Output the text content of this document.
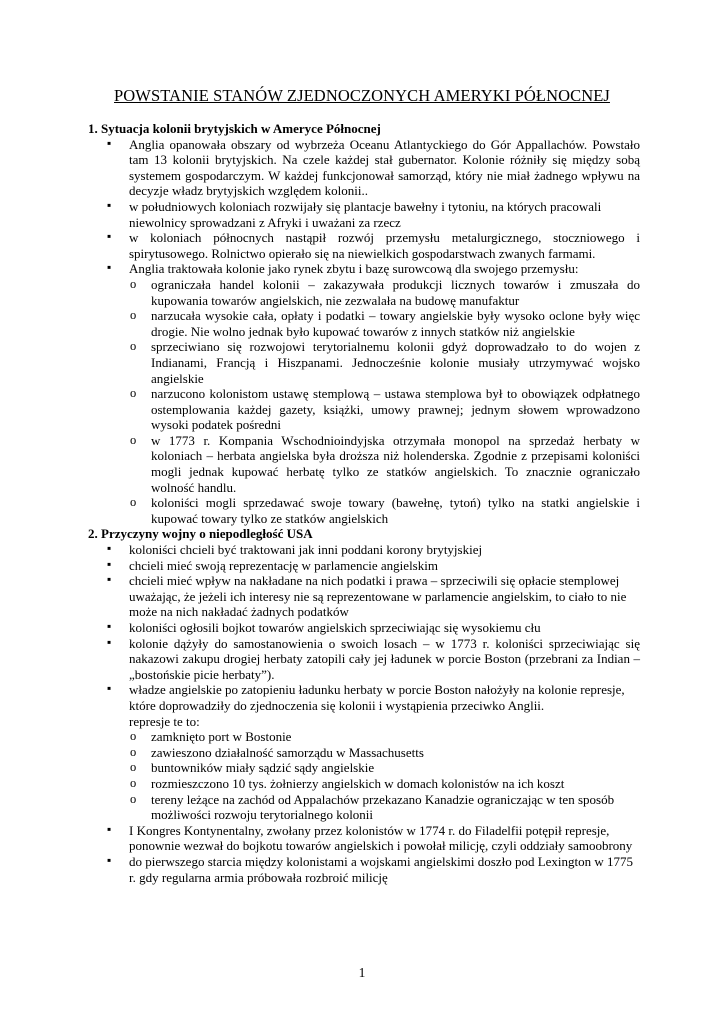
POWSTANIE STANÓW ZJEDNOCZONYCH AMERYKI PÓŁNOCNEJ

1. Sytuacja kolonii brytyjskich w Ameryce Północnej

▪ Anglia opanowała obszary od wybrzeża Oceanu Atlantyckiego do Gór Appallachów. Powstało tam 13 kolonii brytyjskich. Na czele każdej stał gubernator. Kolonie różniły się między sobą systemem gospodarczym. W każdej funkcjonował samorząd, który nie miał żadnego wpływu na decyzje władz brytyjskich względem kolonii..
▪ w południowych koloniach rozwijały się plantacje bawełny i tytoniu, na których pracowali niewolnicy sprowadzani z Afryki i uważani za rzecz
▪ w koloniach północnych nastąpił rozwój przemysłu metalurgicznego, stoczniowego i spirytusowego. Rolnictwo opierało się na niewielkich gospodarstwach zwanych farmami.
▪ Anglia traktowała kolonie jako rynek zbytu i bazę surowcową dla swojego przemysłu:
o ograniczała handel kolonii – zakazywała produkcji licznych towarów i zmuszała do kupowania towarów angielskich, nie zezwalała na budowę manufaktur
o narzucała wysokie cała, opłaty i podatki – towary angielskie były wysoko oclone były więc drogie. Nie wolno jednak było kupować towarów z innych statków niż angielskie
o sprzeciwiano się rozwojowi terytorialnemu kolonii gdyż doprowadzało to do wojen z Indianami, Francją i Hiszpanami. Jednocześnie kolonie musiały utrzymywać wojsko angielskie
o narzucono kolonistom ustawę stemplową – ustawa stemplowa był to obowiązek odpłatnego ostemplowania każdej gazety, książki, umowy prawnej; jednym słowem wprowadzono wysoki podatek pośredni
o w 1773 r. Kompania Wschodnioindyjska otrzymała monopol na sprzedaż herbaty w koloniach – herbata angielska była droższa niż holenderska. Zgodnie z przepisami koloniści mogli jednak kupować herbatę tylko ze statków angielskich. To znacznie ograniczało wolność handlu.
o koloniści mogli sprzedawać swoje towary (bawełnę, tytoń) tylko na statki angielskie i kupować towary tylko ze statków angielskich

2. Przyczyny wojny o niepodległość USA

▪ koloniści chcieli być traktowani jak inni poddani korony brytyjskiej
▪ chcieli mieć swoją reprezentację w parlamencie angielskim
▪ chcieli mieć wpływ na nakładane na nich podatki i prawa – sprzeciwili się opłacie stemplowej uważając, że jeżeli ich interesy nie są reprezentowane w parlamencie angielskim, to ciało to nie może na nich nakładać żadnych podatków
▪ koloniści ogłosili bojkot towarów angielskich sprzeciwiając się wysokiemu cłu
▪ kolonie dążyły do samostanowienia o swoich losach – w 1773 r. koloniści sprzeciwiając się nakazowi zakupu drogiej herbaty zatopili cały jej ładunek w porcie Boston (przebrani za Indian – „bostońskie picie herbaty”).
▪ władze angielskie po zatopieniu ładunku herbaty w porcie Boston nałożyły na kolonie represje, które doprowadziły do zjednoczenia się kolonii i wystąpienia przeciwko Anglii.
represje te to:
o zamknięto port w Bostonie
o zawieszono działalność samorządu w Massachusetts
o buntowników miały sądzić sądy angielskie
o rozmieszczono 10 tys. żołnierzy angielskich w domach kolonistów na ich koszt
o tereny leżące na zachód od Appalachów przekazano Kanadzie ograniczając w ten sposób możliwości rozwoju terytorialnego kolonii
▪ I Kongres Kontynentalny, zwołany przez kolonistów w 1774 r. do Filadelfii potępił represje, ponownie wezwał do bojkotu towarów angielskich i powołał milicję, czyli oddziały samoobrony
▪ do pierwszego starcia między kolonistami a wojskami angielskimi doszło pod Lexington w 1775 r. gdy regularna armia próbowała rozbroić milicję
1
